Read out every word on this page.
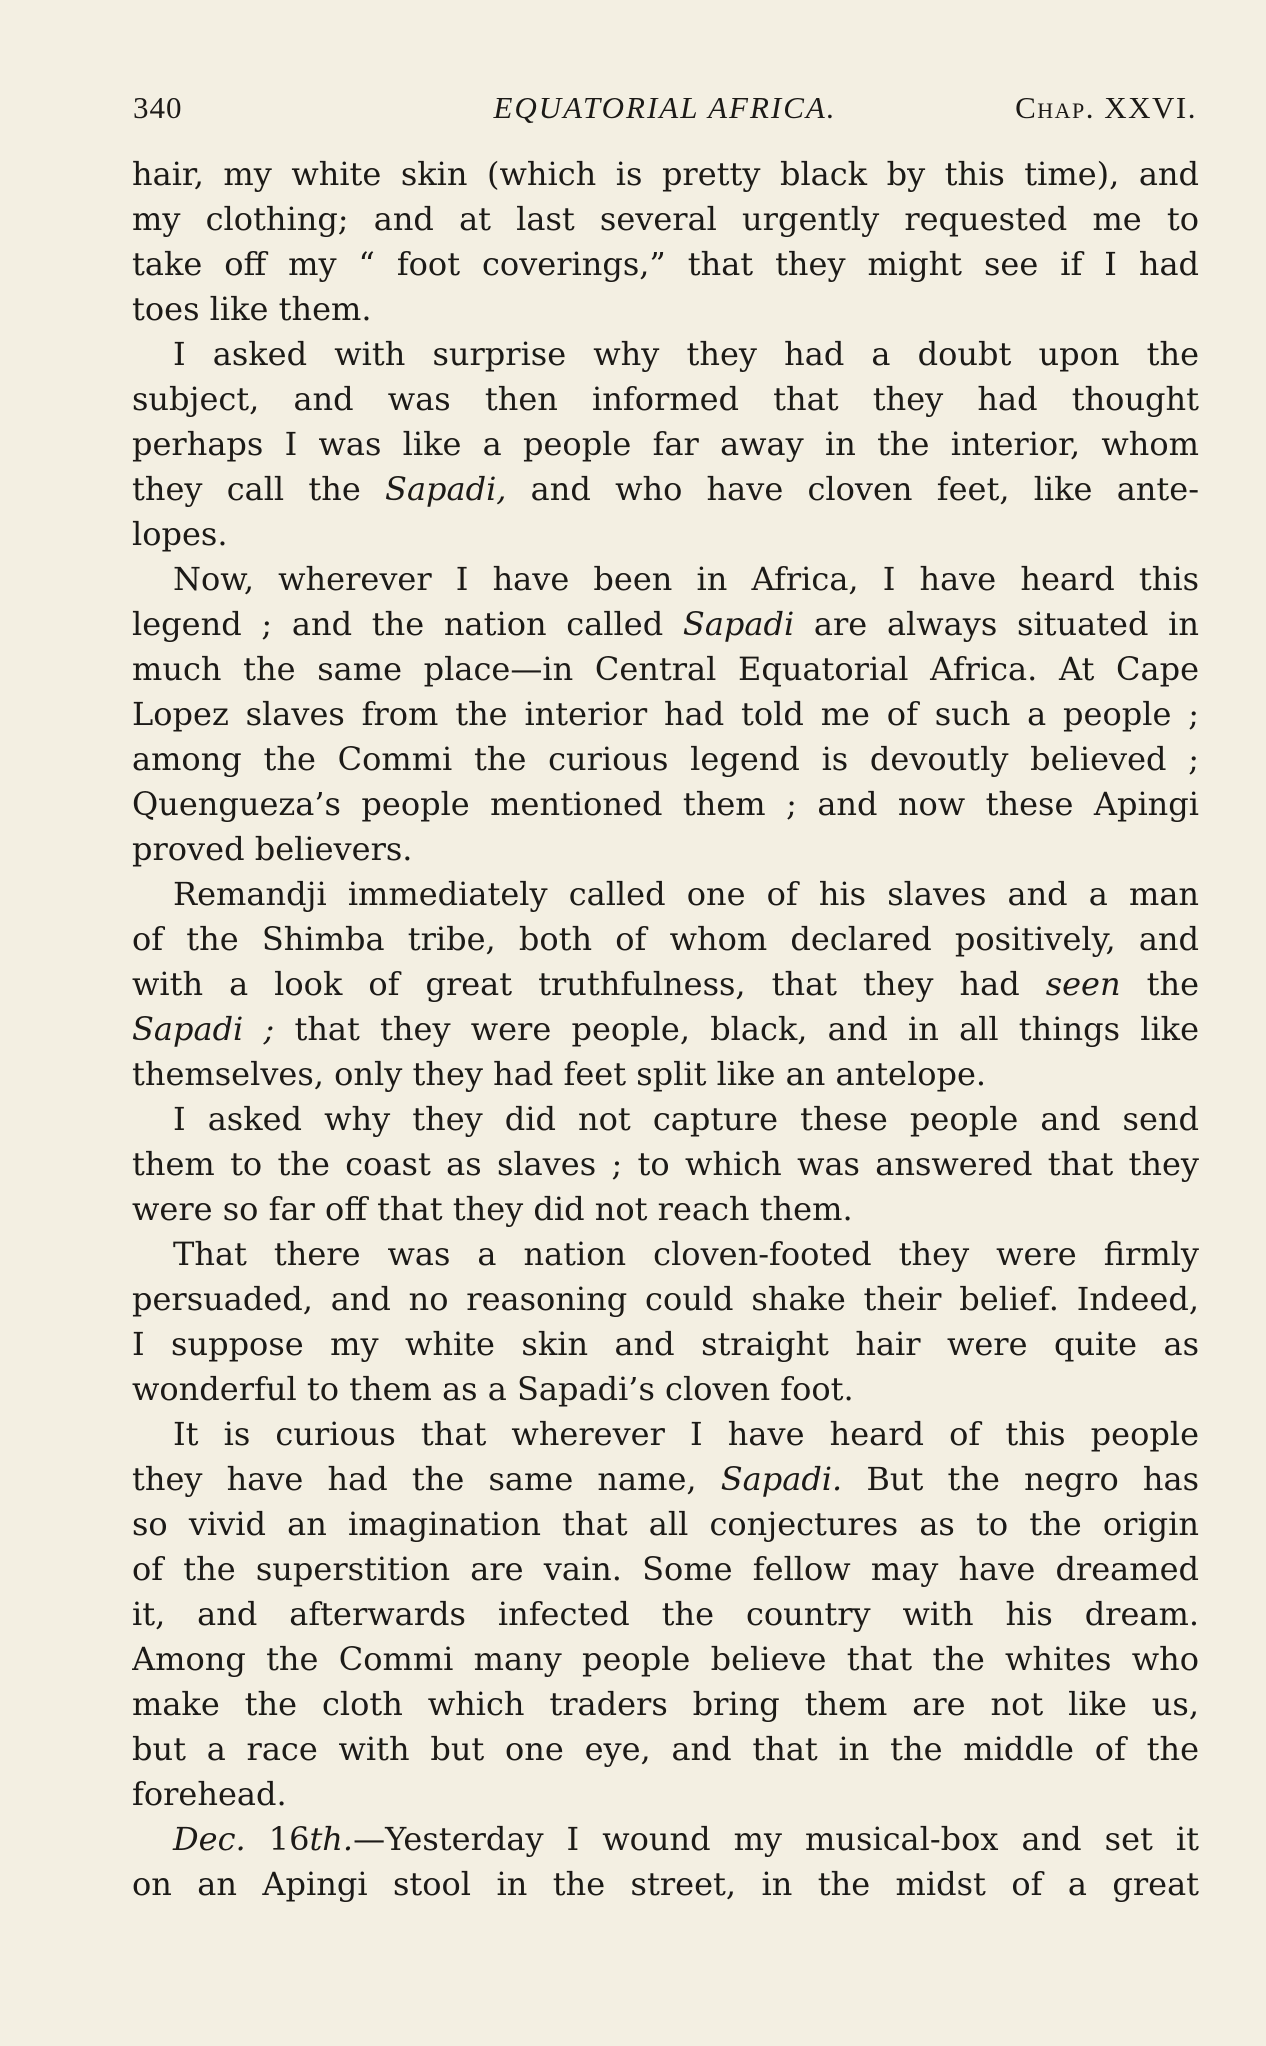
340	EQUATORIAL AFRICA.	Chap. XXVI.
hair, my white skin (which is pretty black by this time), and
my clothing; and at last several urgently requested me to
take off my “ foot coverings,” that they might see if I had
toes like them.
I asked with surprise why they had a doubt upon the
subject, and was then informed that they had thought
perhaps I was like a people far away in the interior, whom
they call the Sapadi, and who have cloven feet, like ante-
lopes.
Now, wherever I have been in Africa, I have heard this
legend ; and the nation called Sapadi are always situated in
much the same place—in Central Equatorial Africa. At Cape
Lopez slaves from the interior had told me of such a people ;
among the Commi the curious legend is devoutly believed ;
Quengueza’s people mentioned them ; and now these Apingi
proved believers.
Remandji immediately called one of his slaves and a man
of the Shimba tribe, both of whom declared positively, and
with a look of great truthfulness, that they had seen the
Sapadi ; that they were people, black, and in all things like
themselves, only they had feet split like an antelope.
I asked why they did not capture these people and send
them to the coast as slaves ; to which was answered that they
were so far off that they did not reach them.
That there was a nation cloven-footed they were firmly
persuaded, and no reasoning could shake their belief. Indeed,
I suppose my white skin and straight hair were quite as
wonderful to them as a Sapadi’s cloven foot.
It is curious that wherever I have heard of this people
they have had the same name, Sapadi. But the negro has
so vivid an imagination that all conjectures as to the origin
of the superstition are vain. Some fellow may have dreamed
it, and afterwards infected the country with his dream.
Among the Commi many people believe that the whites who
make the cloth which traders bring them are not like us,
but a race with but one eye, and that in the middle of the
forehead.
Dec. 16th.—Yesterday I wound my musical-box and set it
on an Apingi stool in the street, in the midst of a great
